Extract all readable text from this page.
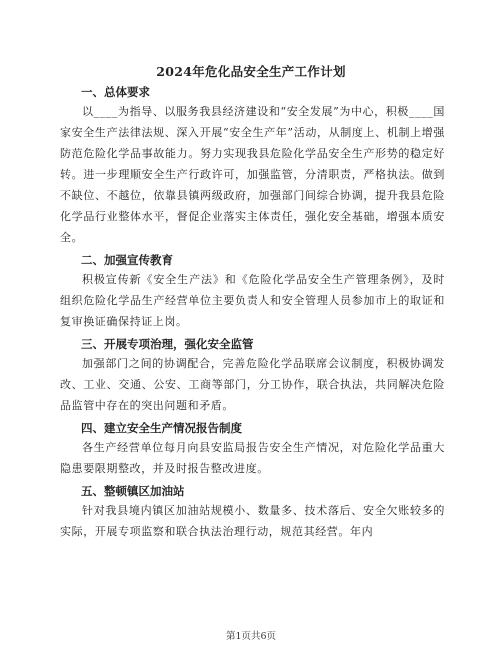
2024年危化品安全生产工作计划
一、总体要求

以____为指导、以服务我县经济建设和“安全发展”为中心，积极____国家安全生产法律法规、深入开展“安全生产年”活动，从制度上、机制上增强防范危险化学品事故能力。努力实现我县危险化学品安全生产形势的稳定好转。进一步理顺安全生产行政许可，加强监管，分清职责，严格执法。做到不缺位、不越位，依靠县镇两级政府，加强部门间综合协调，提升我县危险化学品行业整体水平，督促企业落实主体责任，强化安全基础，增强本质安全。

二、加强宣传教育

积极宣传新《安全生产法》和《危险化学品安全生产管理条例》，及时组织危险化学品生产经营单位主要负责人和安全管理人员参加市上的取证和复审换证确保持证上岗。

三、开展专项治理，强化安全监管

加强部门之间的协调配合，完善危险化学品联席会议制度，积极协调发改、工业、交通、公安、工商等部门，分工协作，联合执法，共同解决危险品监管中存在的突出问题和矛盾。

四、建立安全生产情况报告制度

各生产经营单位每月向县安监局报告安全生产情况，对危险化学品重大隐患要限期整改，并及时报告整改进度。

五、整顿镇区加油站

针对我县境内镇区加油站规模小、数量多、技术落后、安全欠账较多的实际，开展专项监察和联合执法治理行动，规范其经营。年内

第1页共6页
